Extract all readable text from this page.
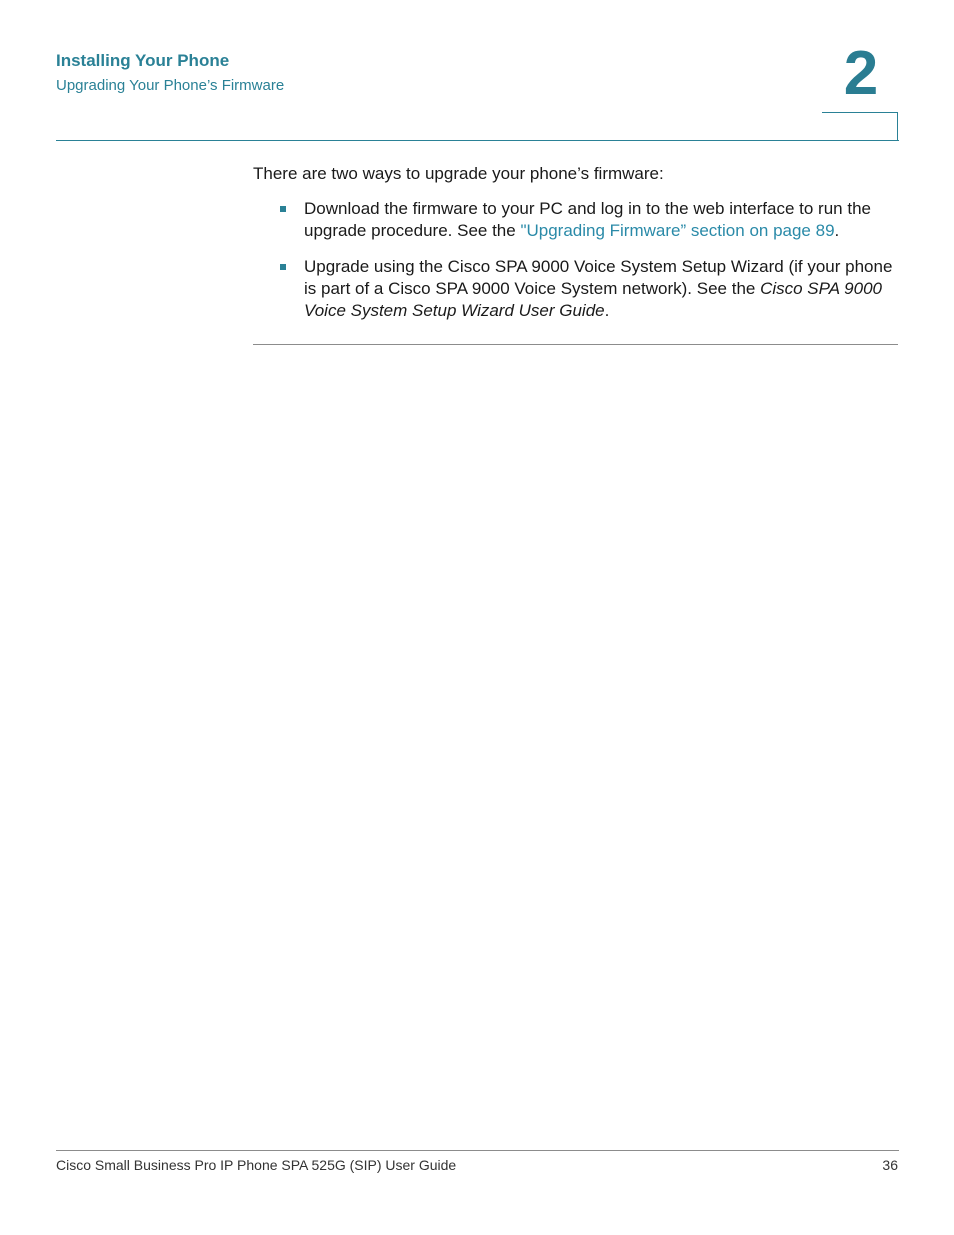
Installing Your Phone
Upgrading Your Phone’s Firmware	2
There are two ways to upgrade your phone’s firmware:
Download the firmware to your PC and log in to the web interface to run the upgrade procedure. See the "Upgrading Firmware” section on page 89.
Upgrade using the Cisco SPA 9000 Voice System Setup Wizard (if your phone is part of a Cisco SPA 9000 Voice System network). See the Cisco SPA 9000 Voice System Setup Wizard User Guide.
Cisco Small Business Pro IP Phone SPA 525G (SIP) User Guide	36
